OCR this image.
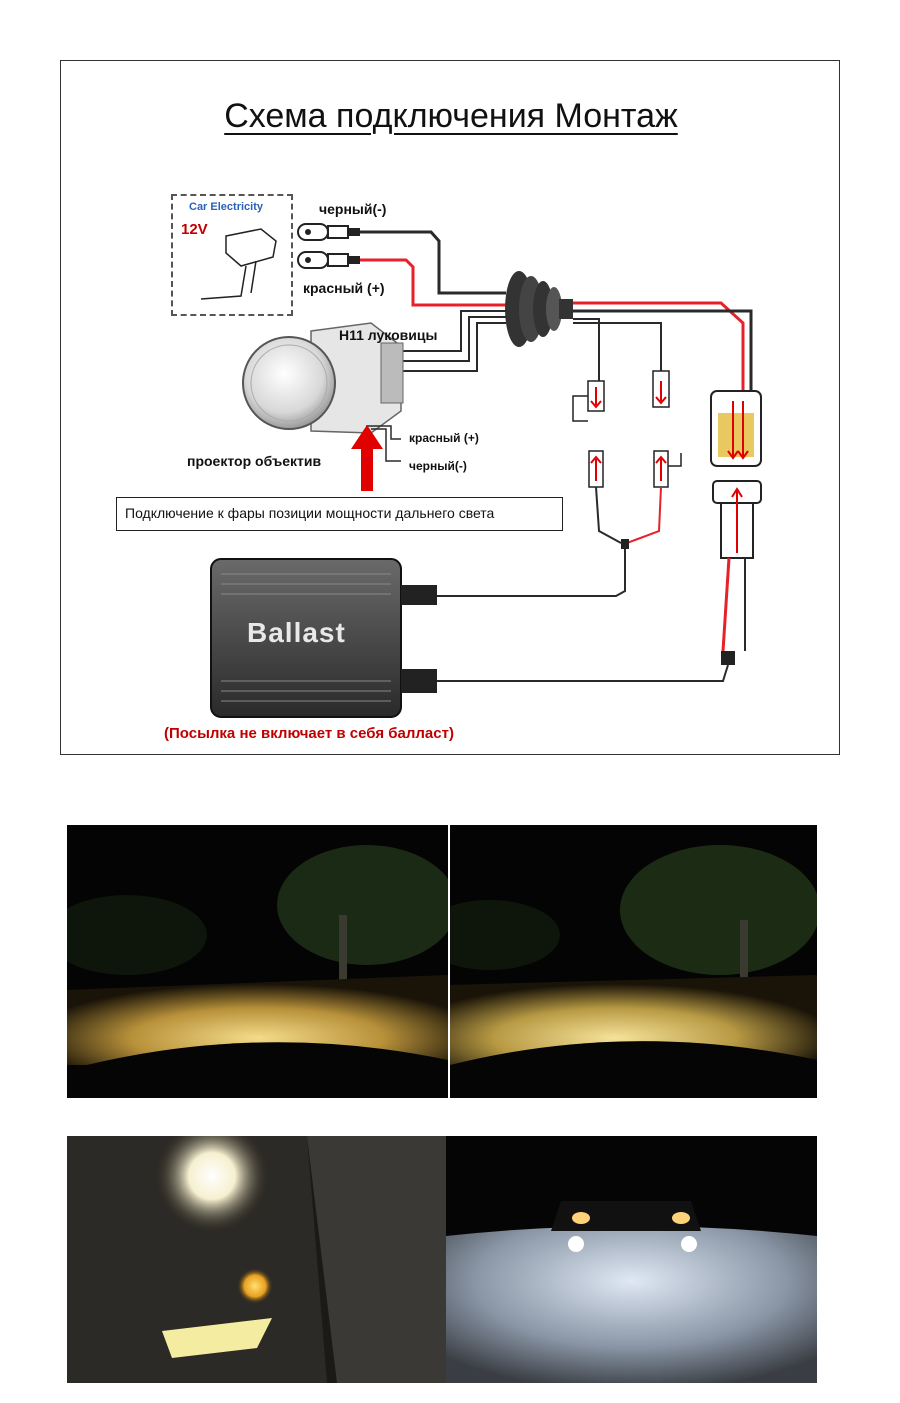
Схема подключения Монтаж
Car Electricity
12V
черный(-)
красный (+)
H11 луковицы
красный (+)
черный(-)
проектор объектив
Подключение к фары позиции мощности дальнего света
Ballast
(Посылка не включает в себя балласт)
